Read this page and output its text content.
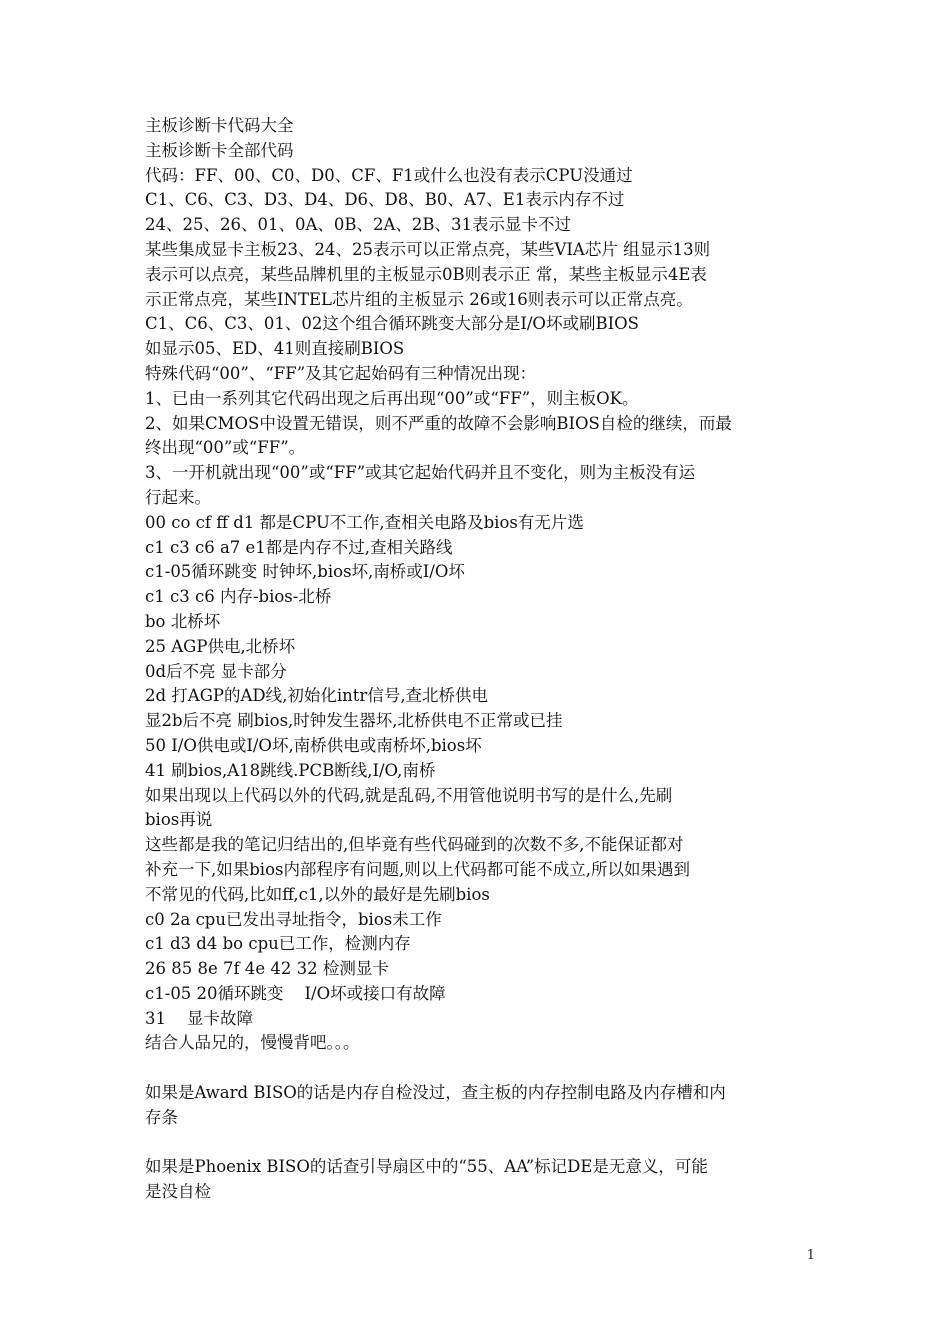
主板诊断卡代码大全
主板诊断卡全部代码
代码：FF、00、C0、D0、CF、F1或什么也没有表示CPU没通过
C1、C6、C3、D3、D4、D6、D8、B0、A7、E1表示内存不过
24、25、26、01、0A、0B、2A、2B、31表示显卡不过
某些集成显卡主板23、24、25表示可以正常点亮，某些VIA芯片 组显示13则
表示可以点亮，某些品牌机里的主板显示0B则表示正 常，某些主板显示4E表
示正常点亮，某些INTEL芯片组的主板显示 26或16则表示可以正常点亮。
C1、C6、C3、01、02这个组合循环跳变大部分是I/O坏或刷BIOS
如显示05、ED、41则直接刷BIOS
特殊代码“00”、“FF”及其它起始码有三种情况出现：
1、已由一系列其它代码出现之后再出现“00”或“FF”，则主板OK。
2、如果CMOS中设置无错误，则不严重的故障不会影响BIOS自检的继续，而最
终出现“00”或“FF”。
3、一开机就出现“00”或“FF”或其它起始代码并且不变化，则为主板没有运
行起来。
00 co cf ff d1 都是CPU不工作,查相关电路及bios有无片选
c1 c3 c6 a7 e1都是内存不过,查相关路线
c1-05循环跳变 时钟坏,bios坏,南桥或I/O坏
c1 c3 c6 内存-bios-北桥
bo 北桥坏
25 AGP供电,北桥坏
0d后不亮 显卡部分
2d 打AGP的AD线,初始化intr信号,查北桥供电
显2b后不亮 刷bios,时钟发生器坏,北桥供电不正常或已挂
50 I/O供电或I/O坏,南桥供电或南桥坏,bios坏
41 刷bios,A18跳线.PCB断线,I/O,南桥
如果出现以上代码以外的代码,就是乱码,不用管他说明书写的是什么,先刷
bios再说
这些都是我的笔记归结出的,但毕竟有些代码碰到的次数不多,不能保证都对
补充一下,如果bios内部程序有问题,则以上代码都可能不成立,所以如果遇到
不常见的代码,比如ff,c1,以外的最好是先刷bios
c0 2a cpu已发出寻址指令，bios未工作
c1 d3 d4 bo cpu已工作，检测内存
26 85 8e 7f 4e 42 32 检测显卡
c1-05 20循环跳变    I/O坏或接口有故障
31    显卡故障
结合人品兄的，慢慢背吧。。。
如果是Award BISO的话是内存自检没过，查主板的内存控制电路及内存槽和内
存条
如果是Phoenix BISO的话查引导扇区中的“55、AA”标记DE是无意义，可能
是没自检
1
